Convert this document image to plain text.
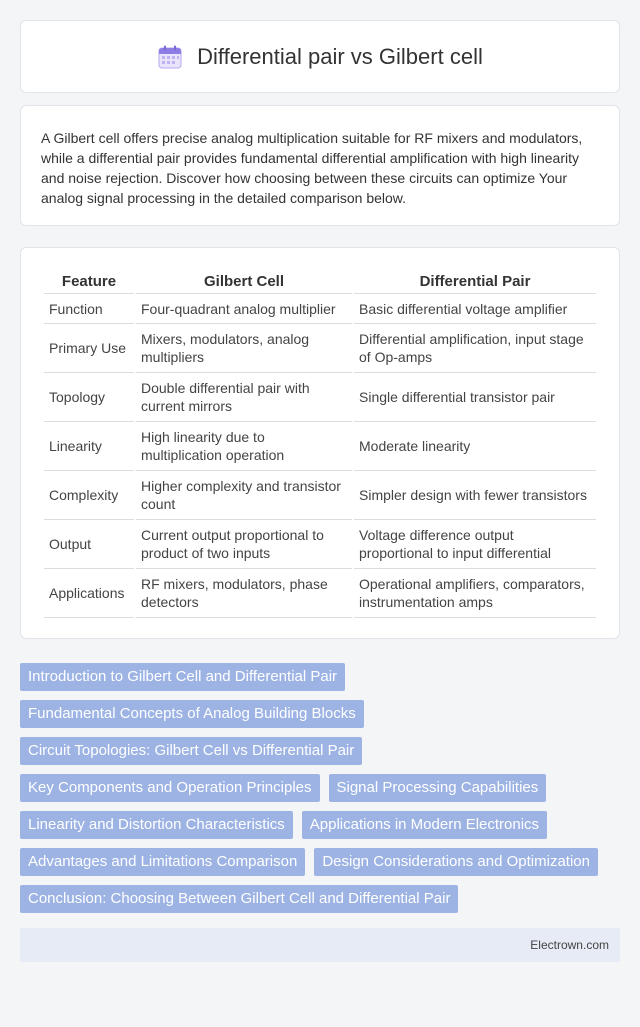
Differential pair vs Gilbert cell

A Gilbert cell offers precise analog multiplication suitable for RF mixers and modulators, while a differential pair provides fundamental differential amplification with high linearity and noise rejection. Discover how choosing between these circuits can optimize Your analog signal processing in the detailed comparison below.

Feature	Gilbert Cell	Differential Pair
Function	Four-quadrant analog multiplier	Basic differential voltage amplifier
Primary Use	Mixers, modulators, analog multipliers	Differential amplification, input stage of Op-amps
Topology	Double differential pair with current mirrors	Single differential transistor pair
Linearity	High linearity due to multiplication operation	Moderate linearity
Complexity	Higher complexity and transistor count	Simpler design with fewer transistors
Output	Current output proportional to product of two inputs	Voltage difference output proportional to input differential
Applications	RF mixers, modulators, phase detectors	Operational amplifiers, comparators, instrumentation amps
Introduction to Gilbert Cell and Differential Pair
Fundamental Concepts of Analog Building Blocks
Circuit Topologies: Gilbert Cell vs Differential Pair
Key Components and Operation Principles	Signal Processing Capabilities
Linearity and Distortion Characteristics	Applications in Modern Electronics
Advantages and Limitations Comparison	Design Considerations and Optimization
Conclusion: Choosing Between Gilbert Cell and Differential Pair
Electrown.com
